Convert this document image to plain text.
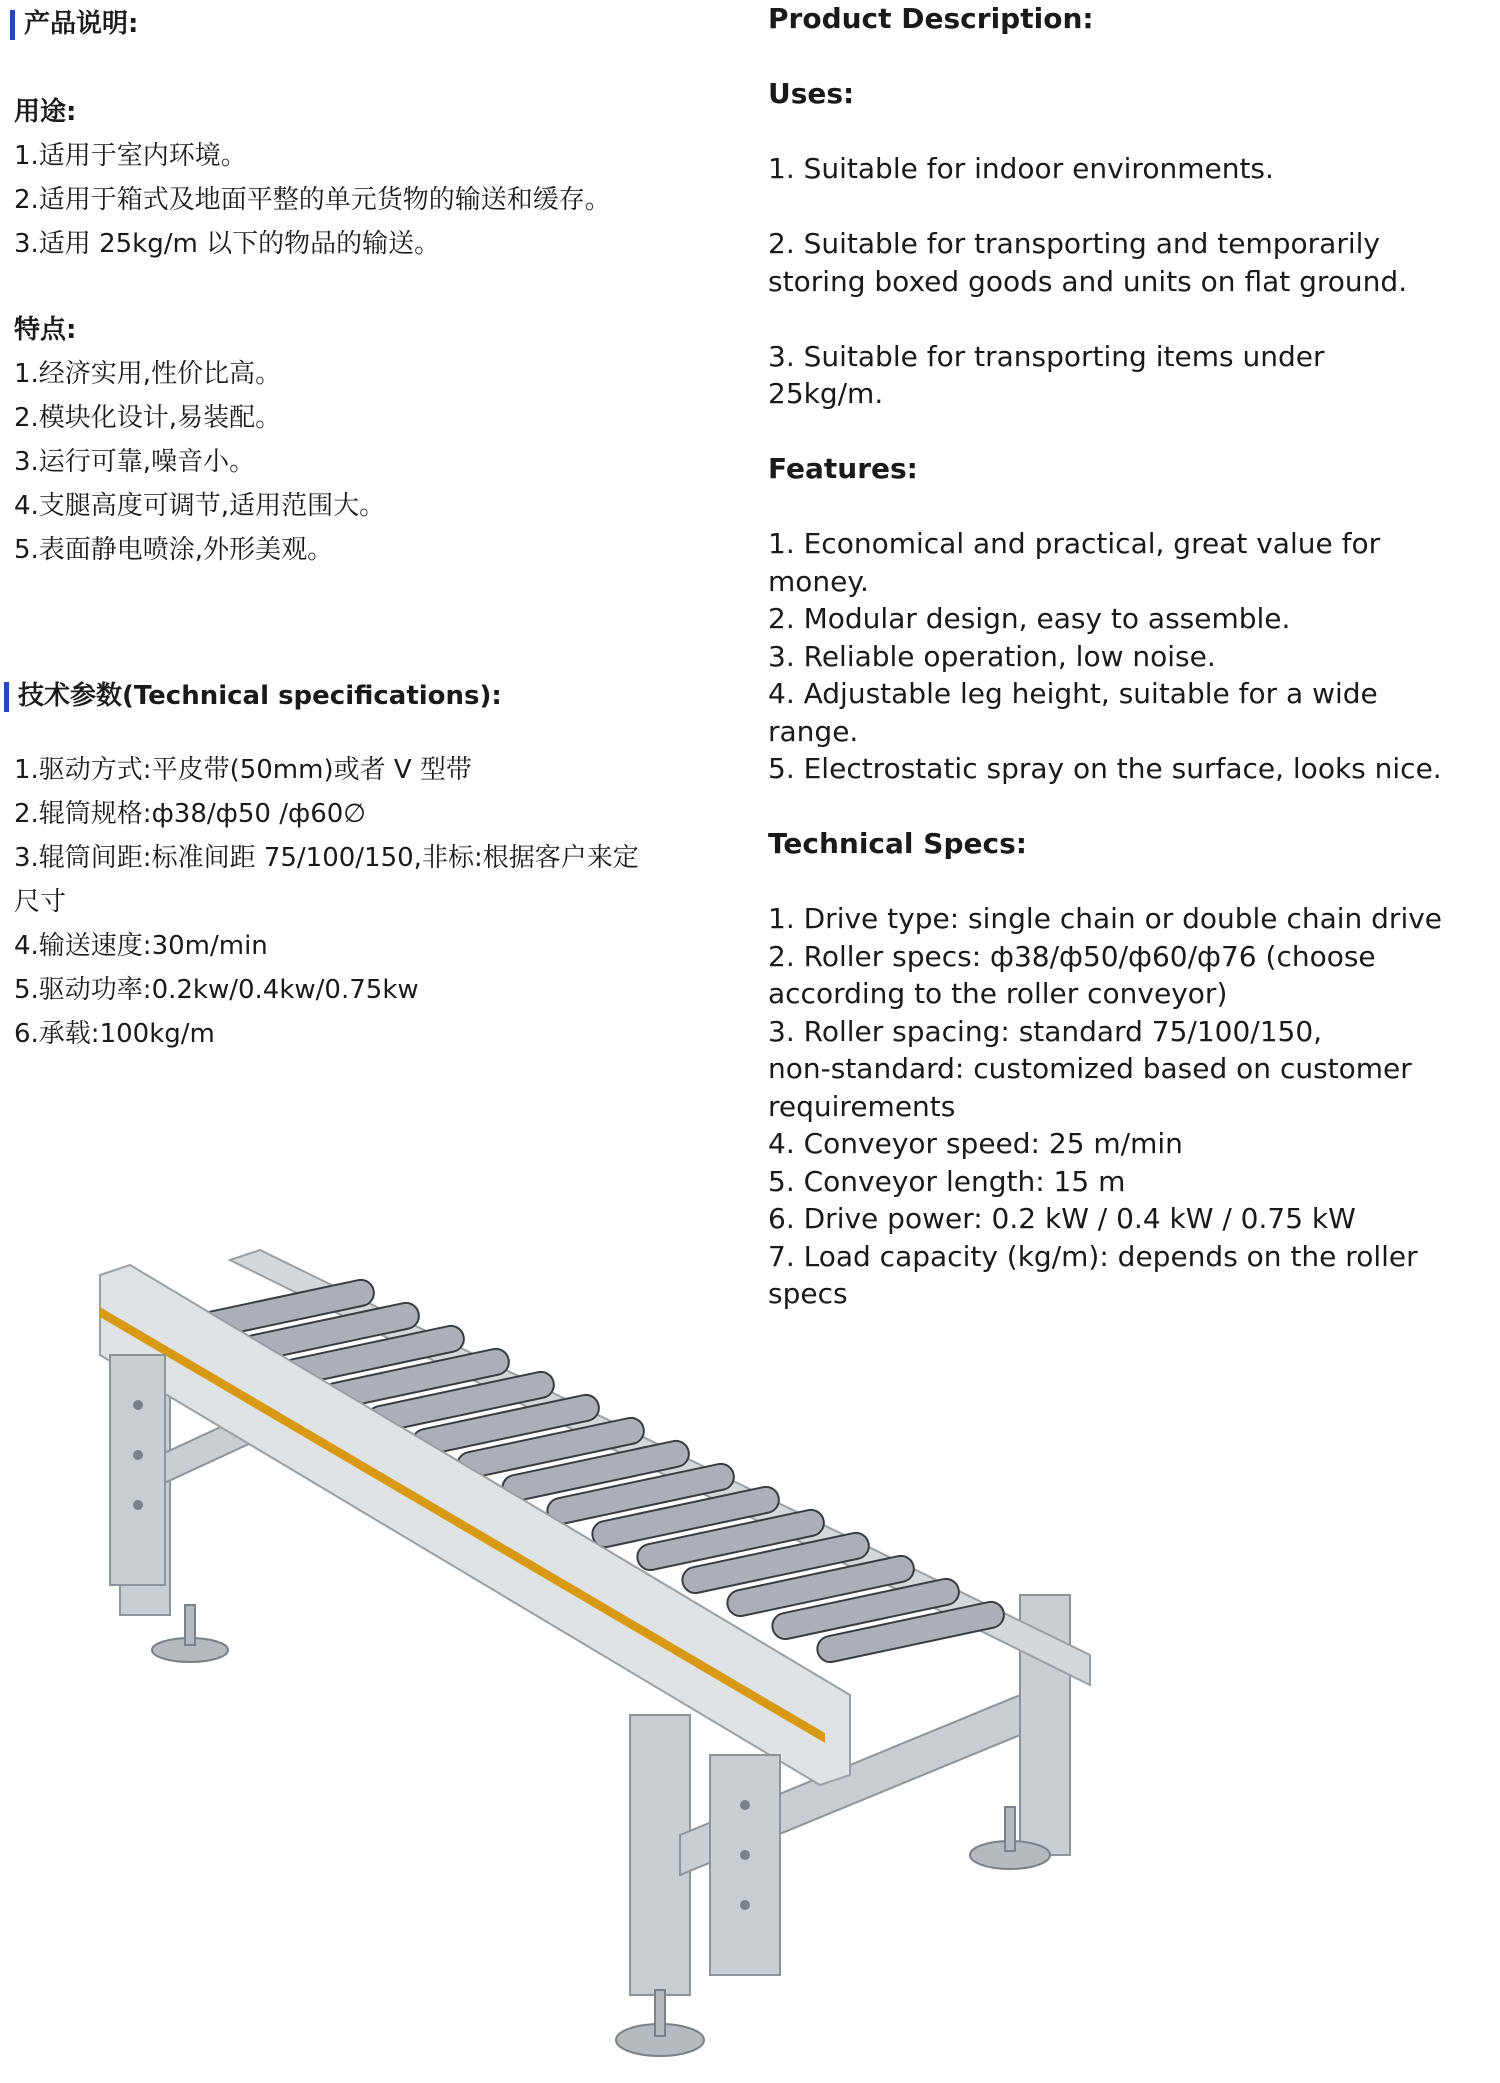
产品说明:

用途:

1.适用于室内环境。

2.适用于箱式及地面平整的单元货物的输送和缓存。

3.适用 25kg/m 以下的物品的输送。

特点:

1.经济实用,性价比高。

2.模块化设计,易装配。

3.运行可靠,噪音小。

4.支腿高度可调节,适用范围大。

5.表面静电喷涂,外形美观。

技术参数(Technical specifications):

1.驱动方式:平皮带(50mm)或者 V 型带

2.辊筒规格:ф38/ф50 /ф60∅

3.辊筒间距:标准间距 75/100/150,非标:根据客户来定

尺寸

4.输送速度:30m/min

5.驱动功率:0.2kw/0.4kw/0.75kw

6.承载:100kg/m

Product Description:

Uses:

1. Suitable for indoor environments.

2. Suitable for transporting and temporarily

storing boxed goods and units on flat ground.

3. Suitable for transporting items under

25kg/m.

Features:

1. Economical and practical, great value for

money.

2. Modular design, easy to assemble.

3. Reliable operation, low noise.

4. Adjustable leg height, suitable for a wide

range.

5. Electrostatic spray on the surface, looks nice.

Technical Specs:

1. Drive type: single chain or double chain drive

2. Roller specs: ф38/ф50/ф60/ф76 (choose

according to the roller conveyor)

3. Roller spacing: standard 75/100/150,

non-standard: customized based on customer

requirements

4. Conveyor speed: 25 m/min

5. Conveyor length: 15 m

6. Drive power: 0.2 kW / 0.4 kW / 0.75 kW

7. Load capacity (kg/m): depends on the roller

specs
